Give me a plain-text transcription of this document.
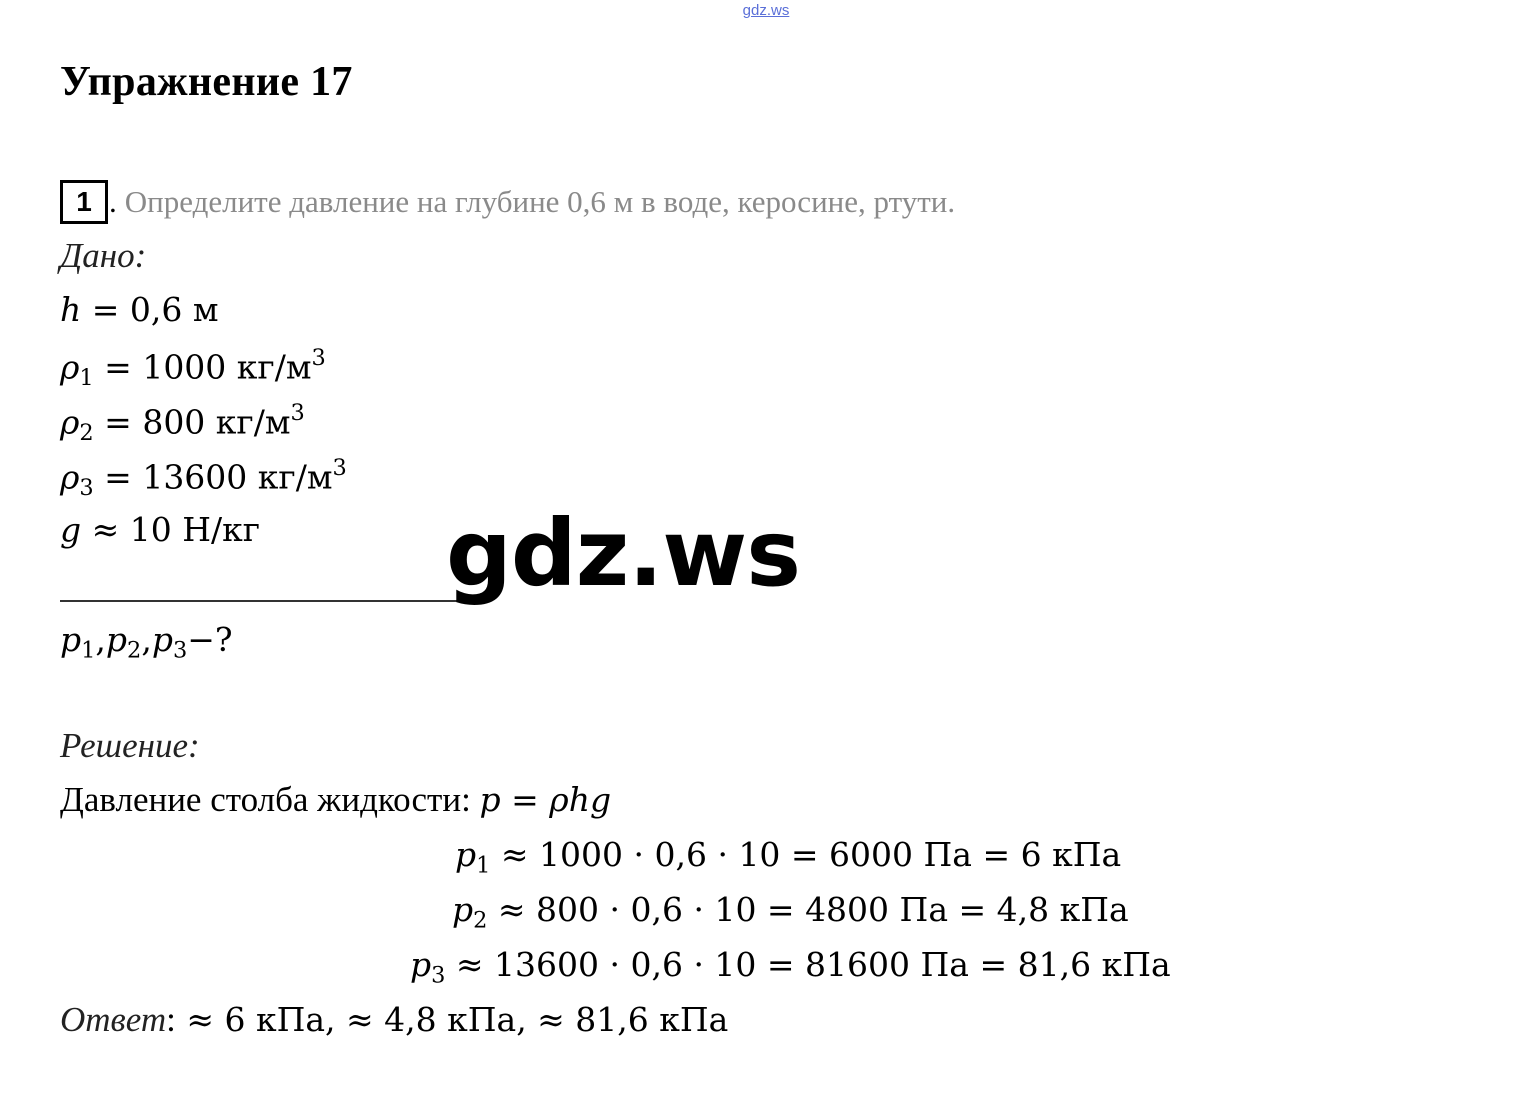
gdz.ws
Упражнение 17
1 . Определите давление на глубине 0,6 м в воде, керосине, ртути.
Дано:
h = 0,6 м
$\rho_1 = 1000$ $кг/м^3$
$\rho_2 = 800$ $кг/м^3$
$\rho_3 = 13600$ $кг/м^3$
g ≈ 10 Н/кг gdz.ws
$p_1,p_2,p_3-$?
Решение:
Давление столба жидкости: p = ρhg
$p_1 \approx 1000 \cdot 0,6 \cdot 10 = 6000$ Па = 6 кПа
$p_2 \approx 800 \cdot 0,6 \cdot 10 = 4800$ Па = 4,8 кПа
$p_3 \approx 13600 \cdot 0,6 \cdot 10 = 81600$ Па = 81,6 кПа
Ответ: ≈ 6 кПа, ≈ 4,8 кПа, ≈ 81,6 кПа
